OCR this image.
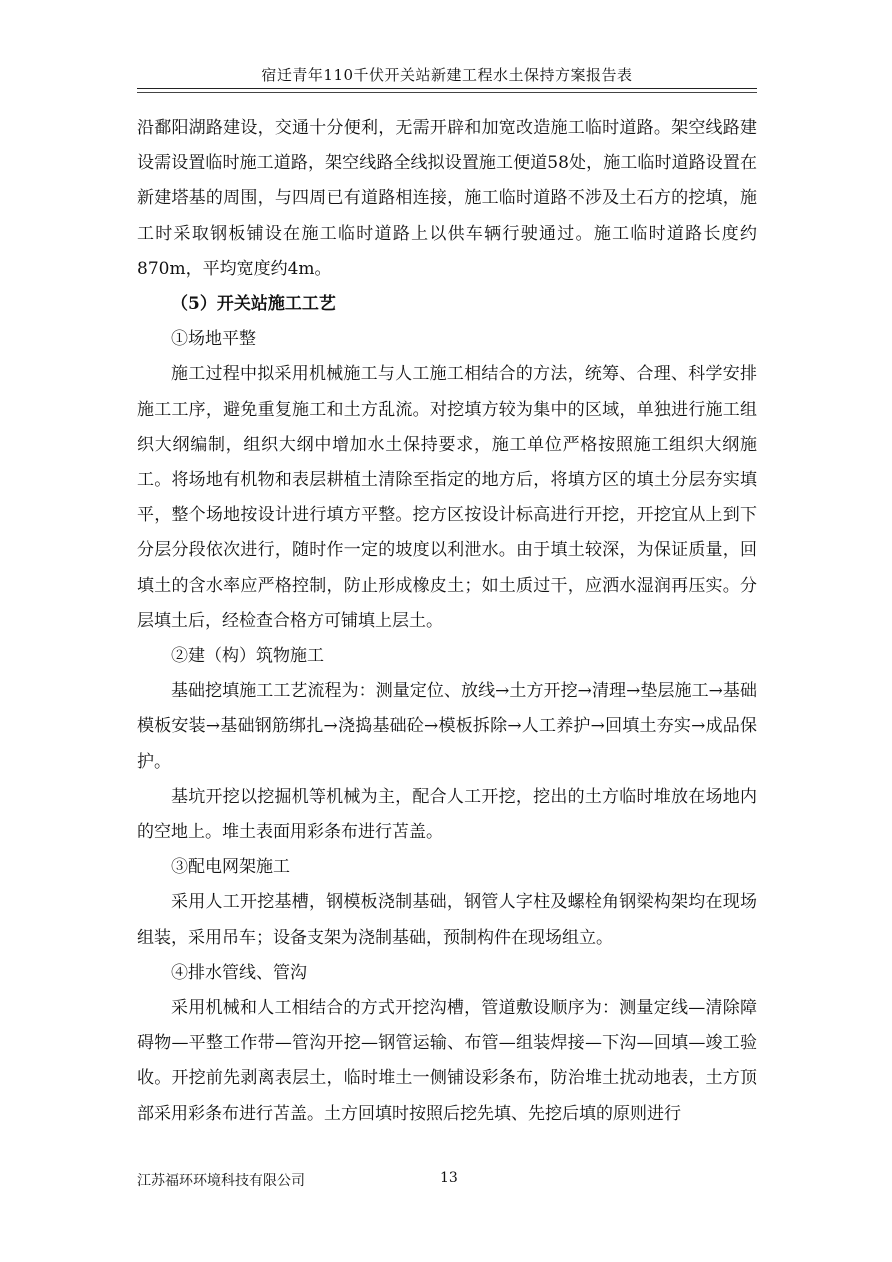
宿迁青年110千伏开关站新建工程水土保持方案报告表

沿鄱阳湖路建设，交通十分便利，无需开辟和加宽改造施工临时道路。架空线路建设需设置临时施工道路，架空线路全线拟设置施工便道58处，施工临时道路设置在新建塔基的周围，与四周已有道路相连接，施工临时道路不涉及土石方的挖填，施工时采取钢板铺设在施工临时道路上以供车辆行驶通过。施工临时道路长度约870m，平均宽度约4m。

（5）开关站施工工艺

①场地平整

施工过程中拟采用机械施工与人工施工相结合的方法，统筹、合理、科学安排施工工序，避免重复施工和土方乱流。对挖填方较为集中的区域，单独进行施工组织大纲编制，组织大纲中增加水土保持要求，施工单位严格按照施工组织大纲施工。将场地有机物和表层耕植土清除至指定的地方后，将填方区的填土分层夯实填平，整个场地按设计进行填方平整。挖方区按设计标高进行开挖，开挖宜从上到下分层分段依次进行，随时作一定的坡度以利泄水。由于填土较深，为保证质量，回填土的含水率应严格控制，防止形成橡皮土；如土质过干，应洒水湿润再压实。分层填土后，经检查合格方可铺填上层土。

②建（构）筑物施工

基础挖填施工工艺流程为：测量定位、放线→土方开挖→清理→垫层施工→基础模板安装→基础钢筋绑扎→浇捣基础砼→模板拆除→人工养护→回填土夯实→成品保护。

基坑开挖以挖掘机等机械为主，配合人工开挖，挖出的土方临时堆放在场地内的空地上。堆土表面用彩条布进行苫盖。

③配电网架施工

采用人工开挖基槽，钢模板浇制基础，钢管人字柱及螺栓角钢梁构架均在现场组装，采用吊车；设备支架为浇制基础，预制构件在现场组立。

④排水管线、管沟

采用机械和人工相结合的方式开挖沟槽，管道敷设顺序为：测量定线—清除障碍物—平整工作带—管沟开挖—钢管运输、布管—组装焊接—下沟—回填—竣工验收。开挖前先剥离表层土，临时堆土一侧铺设彩条布，防治堆土扰动地表，土方顶部采用彩条布进行苫盖。土方回填时按照后挖先填、先挖后填的原则进行

江苏福环环境科技有限公司	13
